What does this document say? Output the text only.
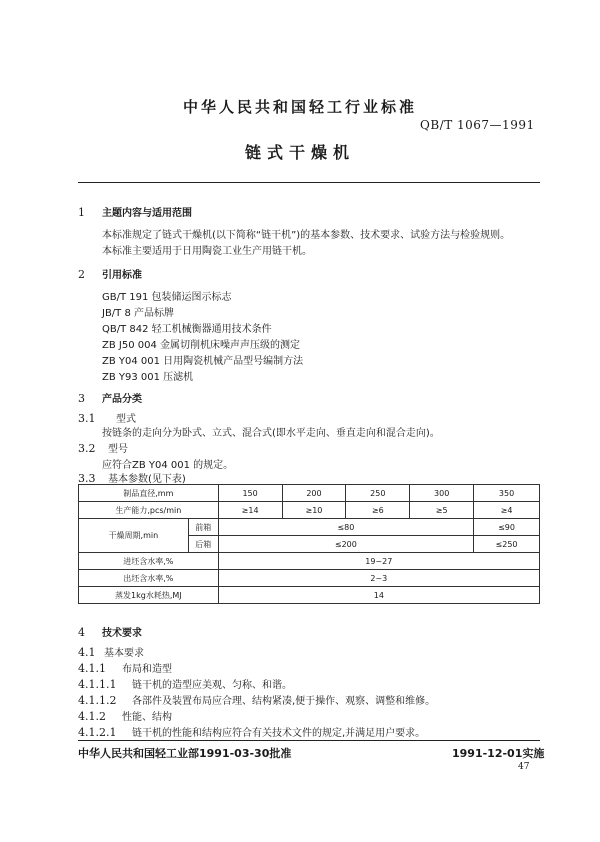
中华人民共和国轻工行业标准
QB/T 1067—1991
链式干燥机
1 主题内容与适用范围
本标准规定了链式干燥机(以下简称“链干机”)的基本参数、技术要求、试验方法与检验规则。
本标准主要适用于日用陶瓷工业生产用链干机。
2 引用标准
GB/T 191 包装储运图示标志
JB/T 8 产品标牌
QB/T 842 轻工机械衡器通用技术条件
ZB J50 004 金属切削机床噪声声压级的测定
ZB Y04 001 日用陶瓷机械产品型号编制方法
ZB Y93 001 压滤机
3 产品分类
3.1 型式
按链条的走向分为卧式、立式、混合式(即水平走向、垂直走向和混合走向)。
3.2 型号
应符合ZB Y04 001 的规定。
3.3 基本参数(见下表)
制品直径,mm		150	200	250	300	350
生产能力,pcs/min		≥14	≥10	≥6	≥5	≥4
干燥周期,min	前箱	≤80				≤90
	后箱	≤200				≤250
进坯含水率,%		19~27				
出坯含水率,%		2~3				
蒸发1kg水耗热,MJ		14				
4 技术要求
4.1 基本要求
4.1.1 布局和造型
4.1.1.1 链干机的造型应美观、匀称、和谐。
4.1.1.2 各部件及装置布局应合理、结构紧凑,便于操作、观察、调整和维修。
4.1.2 性能、结构
4.1.2.1 链干机的性能和结构应符合有关技术文件的规定,并满足用户要求。
中华人民共和国轻工业部1991-03-30批准	1991-12-01实施
47
